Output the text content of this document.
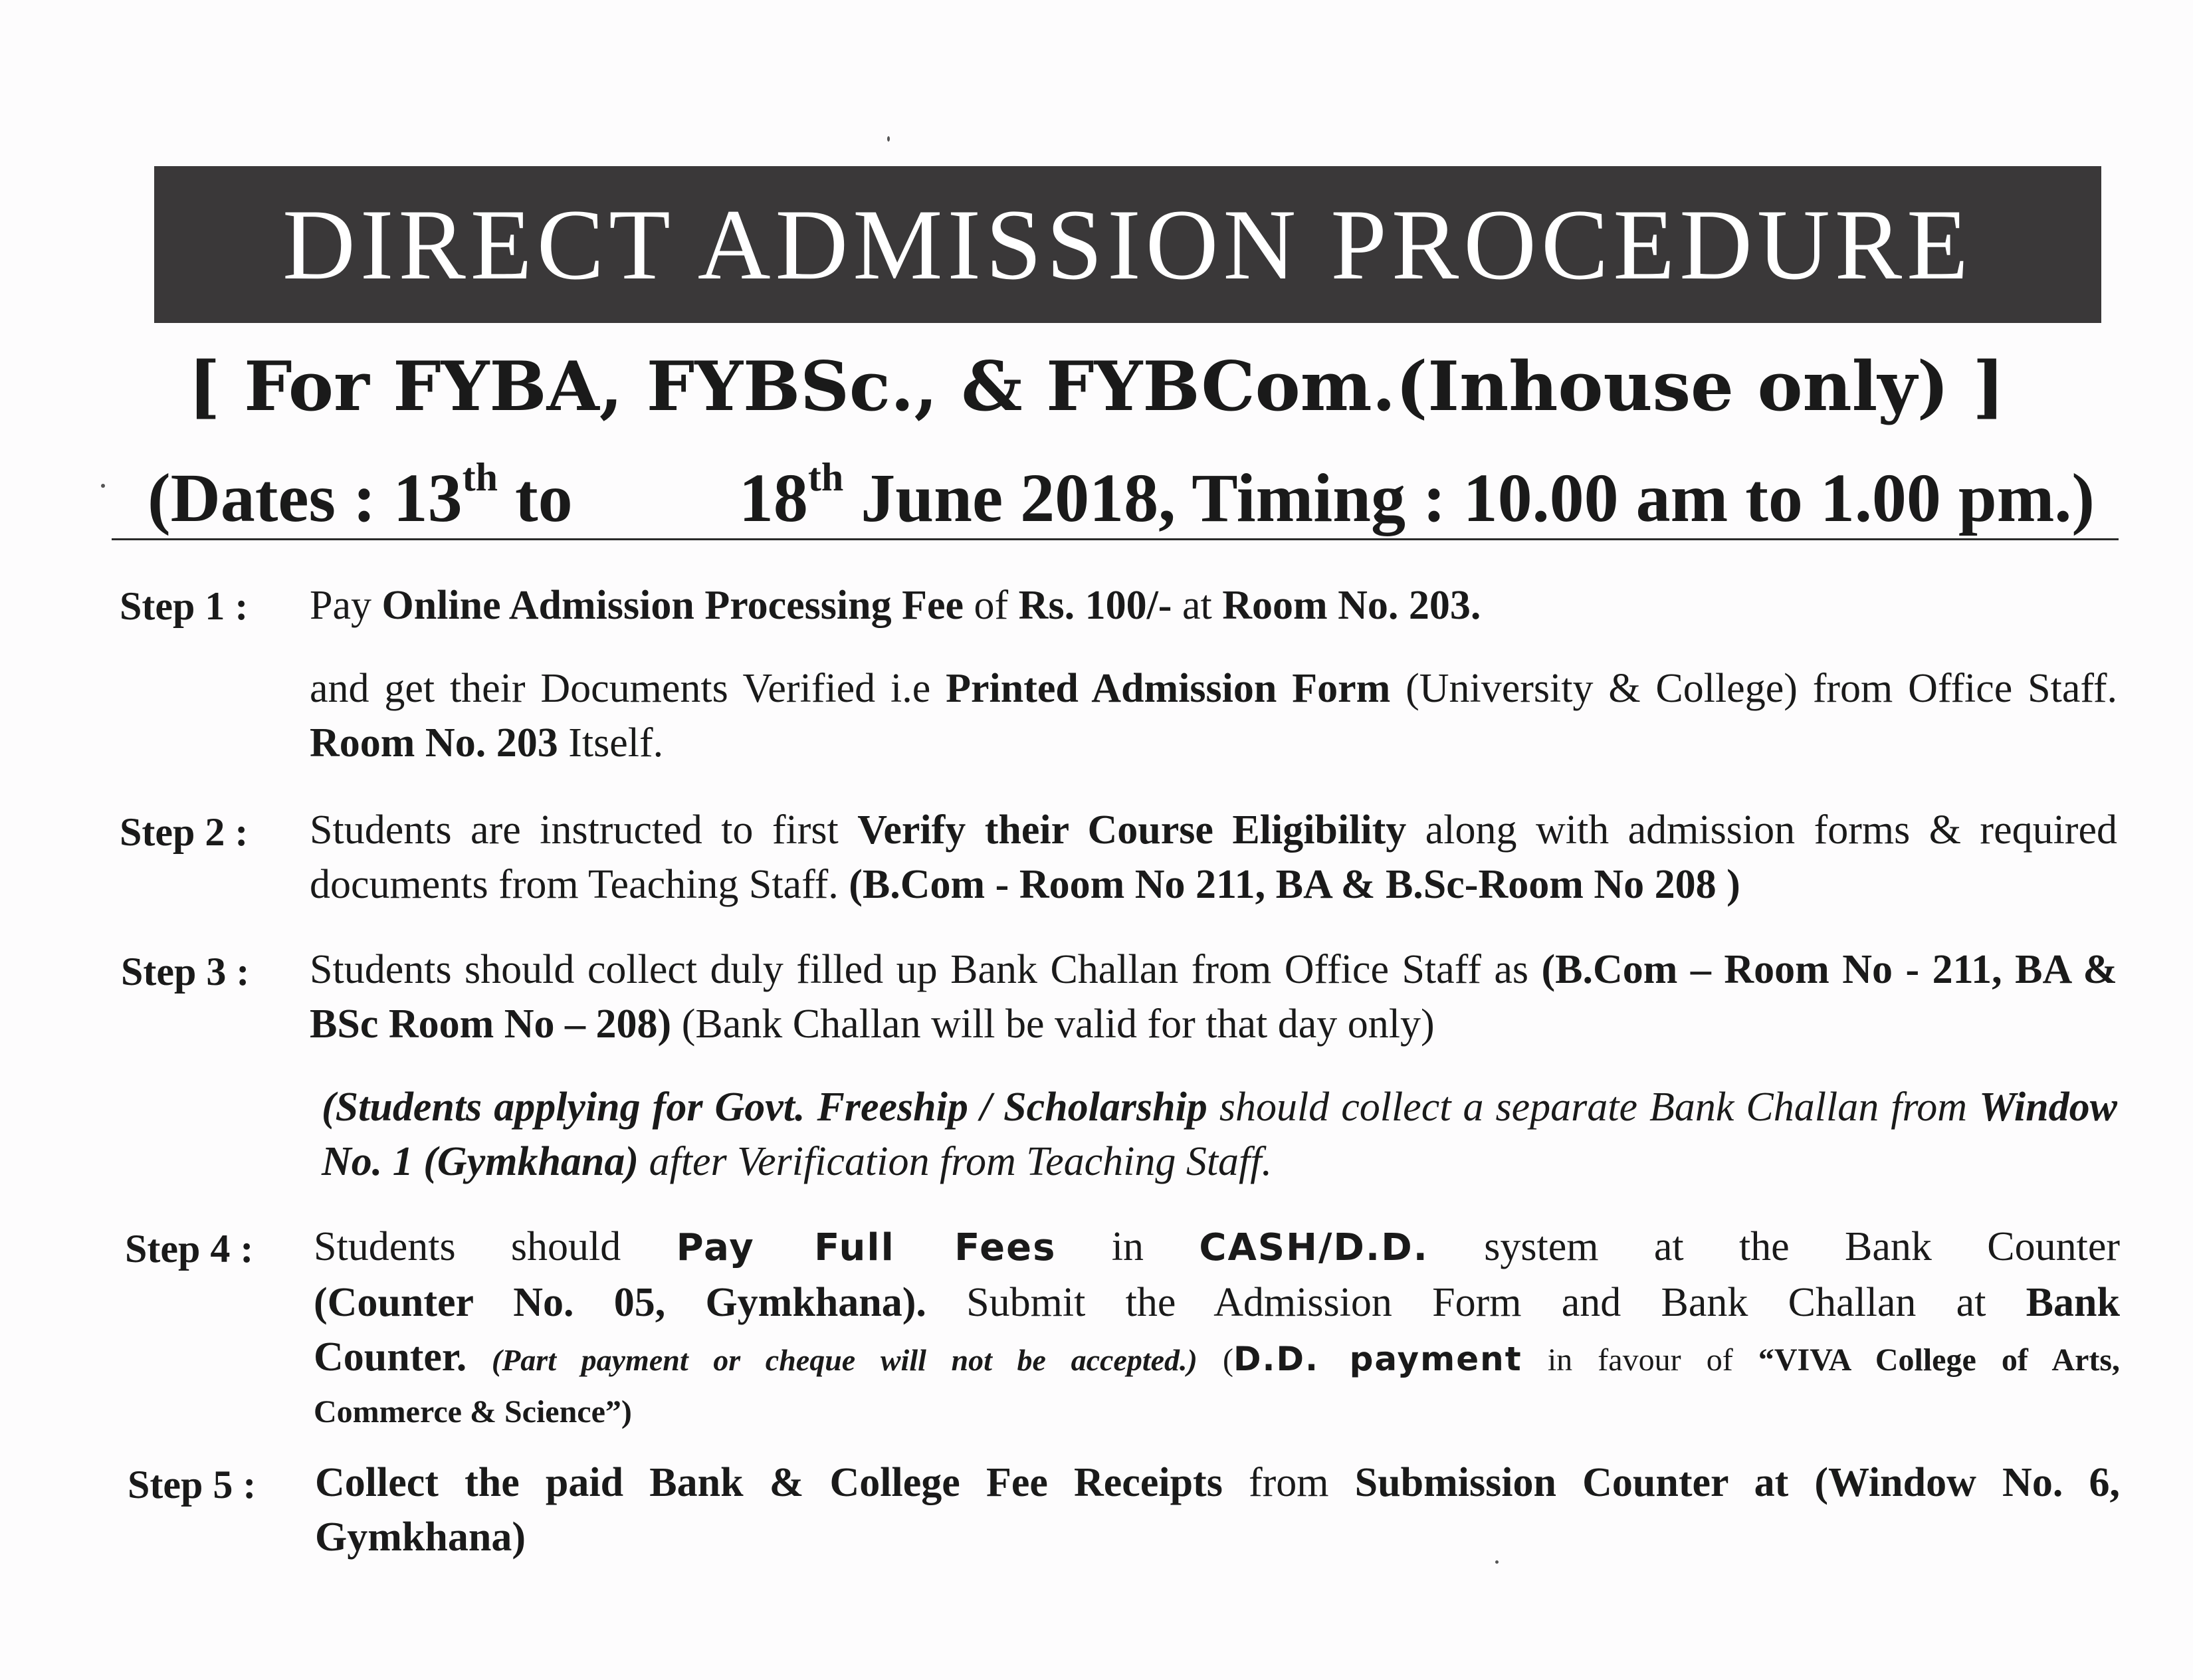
DIRECT ADMISSION PROCEDURE
[ For FYBA, FYBSc., & FYBCom.(Inhouse only) ]
(Dates : 13th to 18th June 2018, Timing : 10.00 am to 1.00 pm.)
Step 1 : Pay Online Admission Processing Fee of Rs. 100/- at Room No. 203.
and get their Documents Verified i.e Printed Admission Form (University & College) from Office Staff. Room No. 203 Itself.
Step 2 : Students are instructed to first Verify their Course Eligibility along with admission forms & required documents from Teaching Staff. (B.Com - Room No 211, BA & B.Sc-Room No 208 )
Step 3 : Students should collect duly filled up Bank Challan from Office Staff as (B.Com – Room No - 211, BA & BSc Room No – 208) (Bank Challan will be valid for that day only)
(Students applying for Govt. Freeship / Scholarship should collect a separate Bank Challan from Window No. 1 (Gymkhana) after Verification from Teaching Staff.
Step 4 : Students should Pay Full Fees in CASH/D.D. system at the Bank Counter
(Counter No. 05, Gymkhana). Submit the Admission Form and Bank Challan at Bank
Counter. (Part payment or cheque will not be accepted.) (D.D. payment in favour of “VIVA College of Arts,
Commerce & Science”)
Step 5 : Collect the paid Bank & College Fee Receipts from Submission Counter at (Window No. 6, Gymkhana)
